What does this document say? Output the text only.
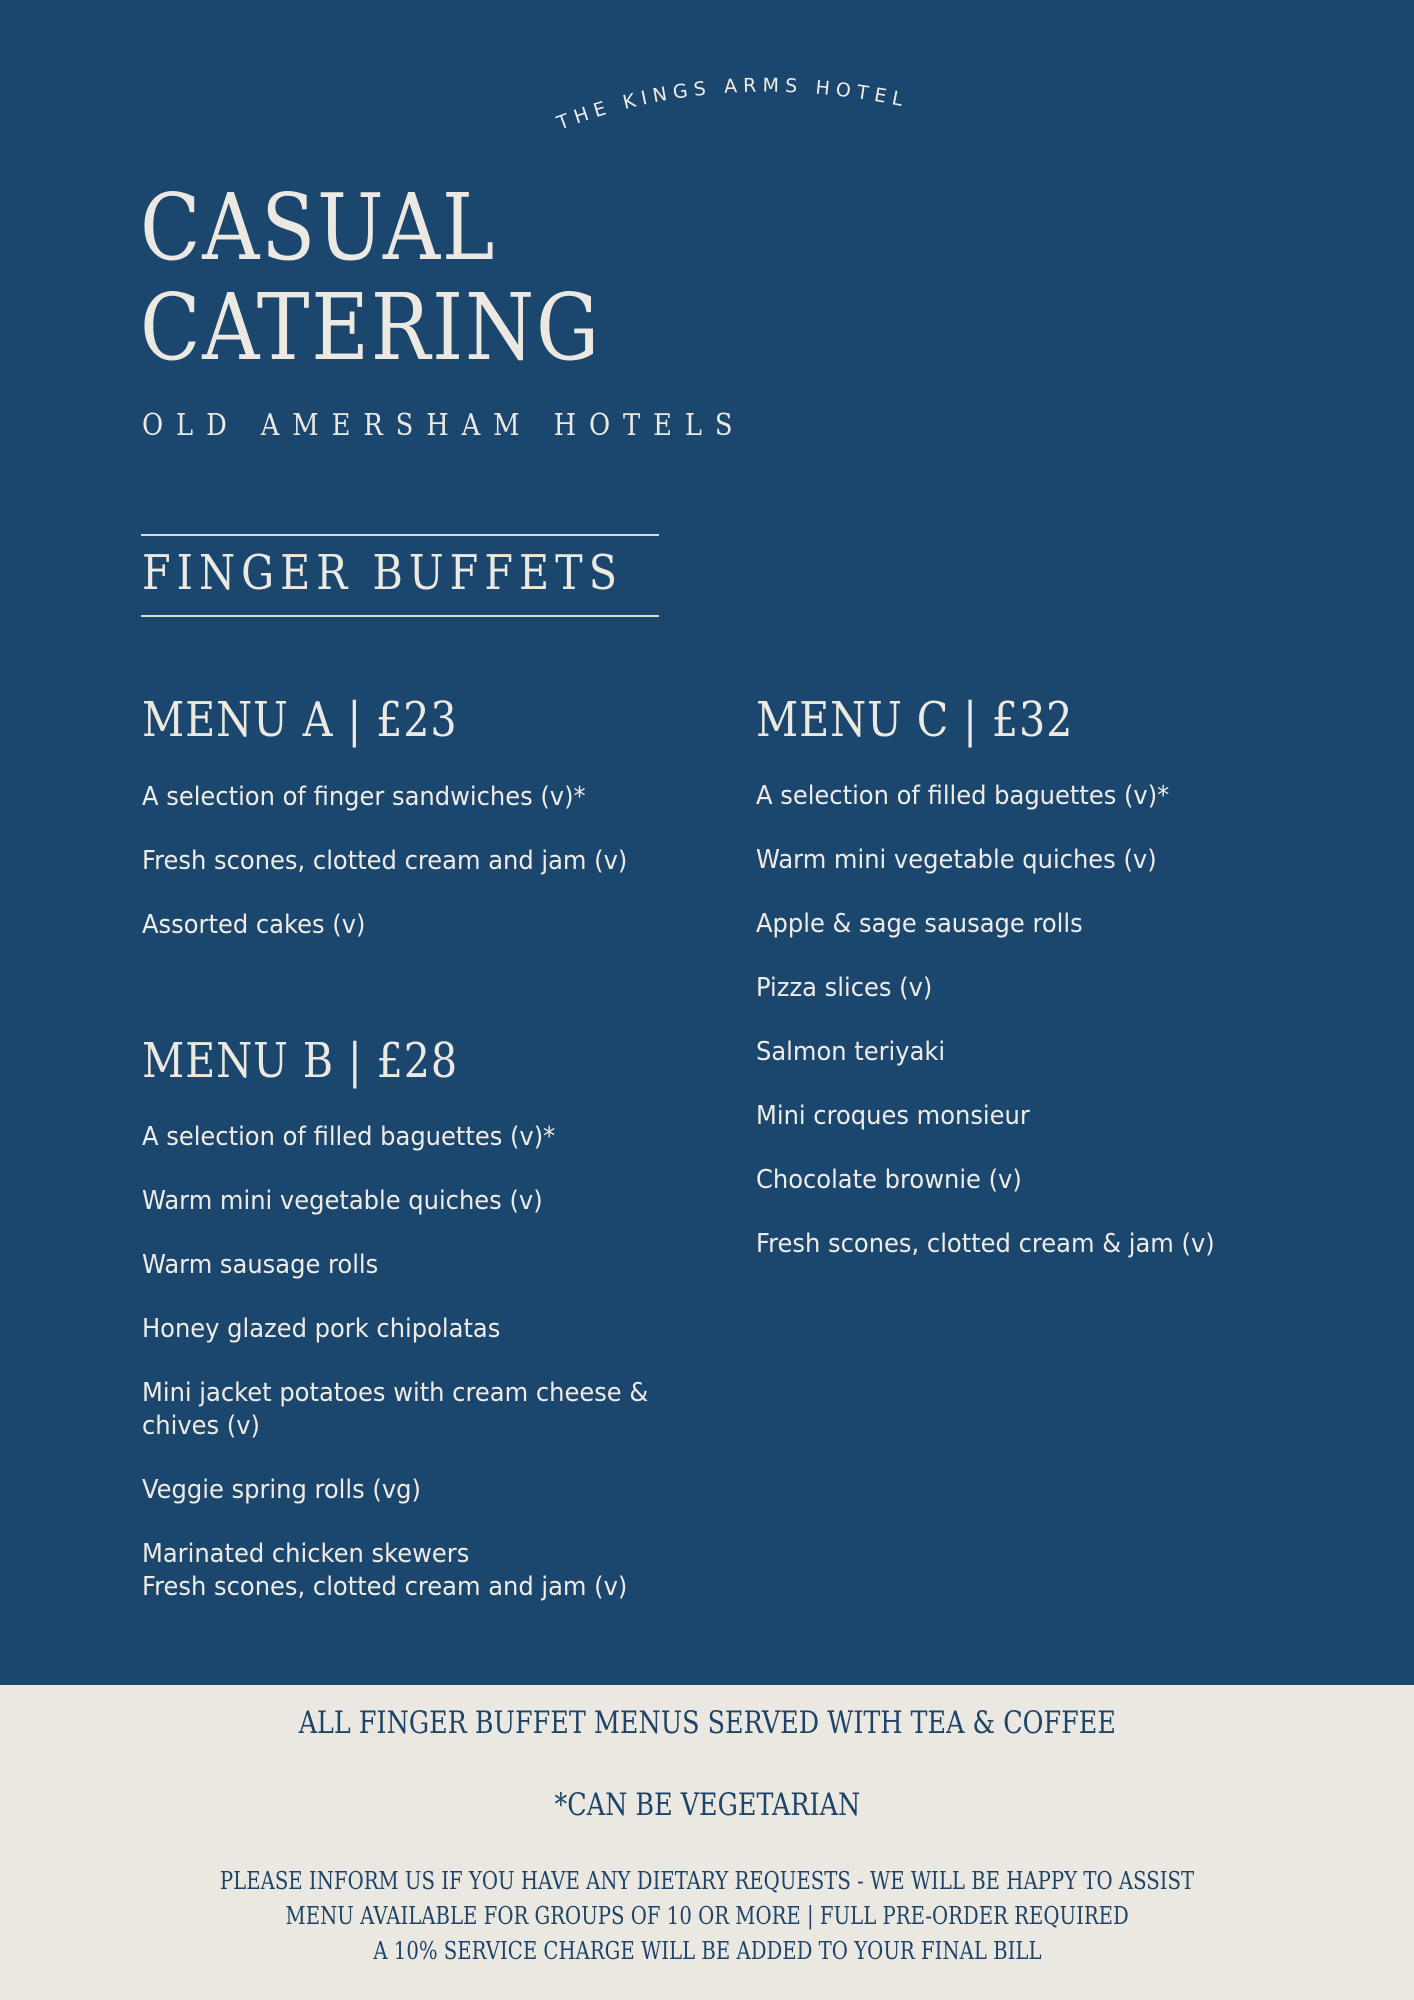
THE KINGS ARMS HOTEL
CASUAL
CATERING
OLD AMERSHAM HOTELS
FINGER BUFFETS
MENU A | £23
A selection of finger sandwiches (v)*
Fresh scones, clotted cream and jam (v)
Assorted cakes (v)
MENU B | £28
A selection of filled baguettes (v)*
Warm mini vegetable quiches (v)
Warm sausage rolls
Honey glazed pork chipolatas
Mini jacket potatoes with cream cheese &
chives (v)
Veggie spring rolls (vg)
Marinated chicken skewers
Fresh scones, clotted cream and jam (v)
MENU C | £32
A selection of filled baguettes (v)*
Warm mini vegetable quiches (v)
Apple & sage sausage rolls
Pizza slices (v)
Salmon teriyaki
Mini croques monsieur
Chocolate brownie (v)
Fresh scones, clotted cream & jam (v)
ALL FINGER BUFFET MENUS SERVED WITH TEA & COFFEE
*CAN BE VEGETARIAN
PLEASE INFORM US IF YOU HAVE ANY DIETARY REQUESTS - WE WILL BE HAPPY TO ASSIST
MENU AVAILABLE FOR GROUPS OF 10 OR MORE | FULL PRE-ORDER REQUIRED
A 10% SERVICE CHARGE WILL BE ADDED TO YOUR FINAL BILL
